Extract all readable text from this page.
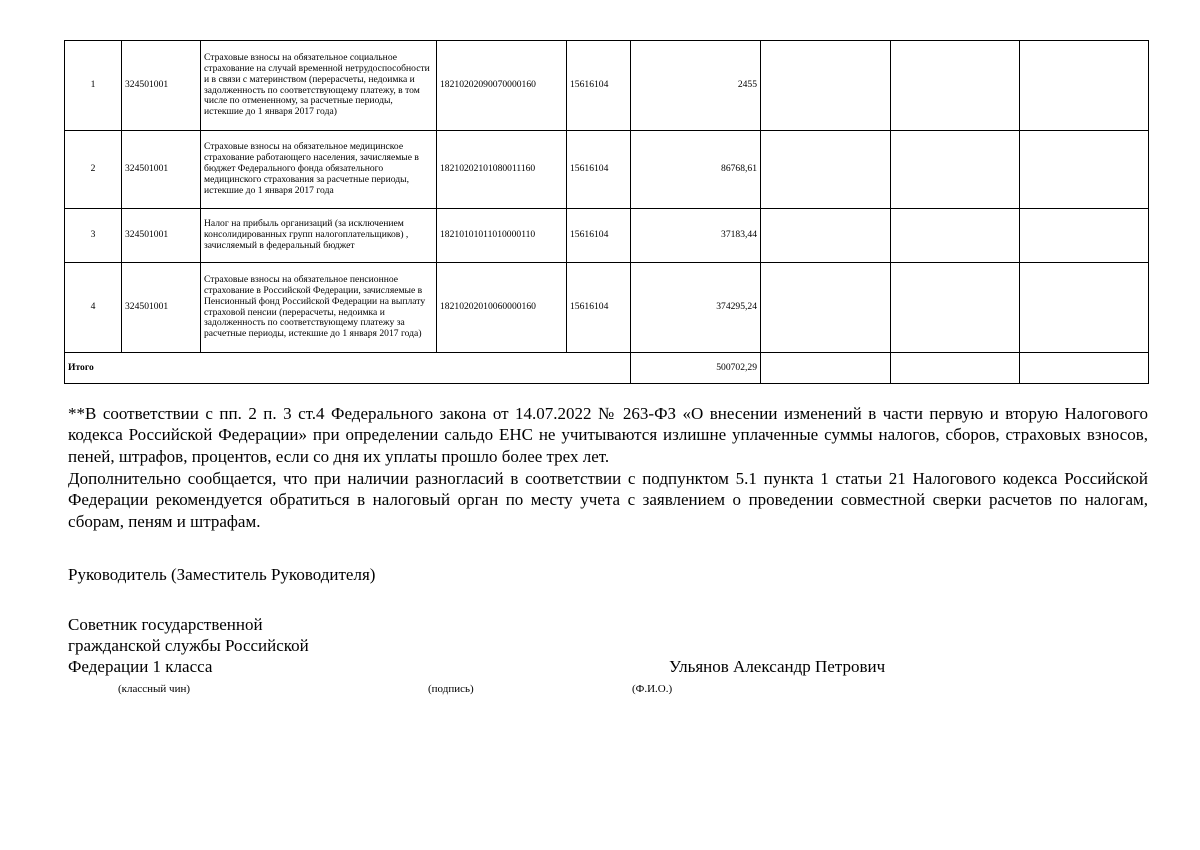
1	324501001	Страховые взносы на обязательное социальное страхование на случай временной нетрудоспособности и в связи с материнством (перерасчеты, недоимка и задолженность по соответствующему платежу, в том числе по отмененному, за расчетные периоды, истекшие до 1 января 2017 года)	18210202090070000160	15616104	2455			
2	324501001	Страховые взносы на обязательное медицинское страхование работающего населения, зачисляемые в бюджет Федерального фонда обязательного медицинского страхования за расчетные периоды, истекшие до 1 января 2017 года	18210202101080011160	15616104	86768,61			
3	324501001	Налог на прибыль организаций (за исключением консолидированных групп налогоплательщиков) , зачисляемый в федеральный бюджет	18210101011010000110	15616104	37183,44			
4	324501001	Страховые взносы на обязательное пенсионное страхование в Российской Федерации, зачисляемые в Пенсионный фонд Российской Федерации на выплату страховой пенсии (перерасчеты, недоимка и задолженность по соответствующему платежу за расчетные периоды, истекшие до 1 января 2017 года)	18210202010060000160	15616104	374295,24			
Итого					500702,29			

**В соответствии с пп. 2 п. 3 ст.4 Федерального закона от 14.07.2022 № 263-ФЗ «О внесении изменений в части первую и вторую Налогового кодекса Российской Федерации» при определении сальдо ЕНС не учитываются излишне уплаченные суммы налогов, сборов, страховых взносов, пеней, штрафов, процентов, если со дня их уплаты прошло более трех лет.

Дополнительно сообщается, что при наличии разногласий в соответствии с подпунктом 5.1 пункта 1 статьи 21 Налогового кодекса Российской Федерации рекомендуется обратиться в налоговый орган по месту учета с заявлением о проведении совместной сверки расчетов по налогам, сборам, пеням и штрафам.

Руководитель (Заместитель Руководителя)
Советник государственной
гражданской службы Российской
Федерации 1 класса	Ульянов Александр Петрович
(классный чин)	(подпись)	(Ф.И.О.)
